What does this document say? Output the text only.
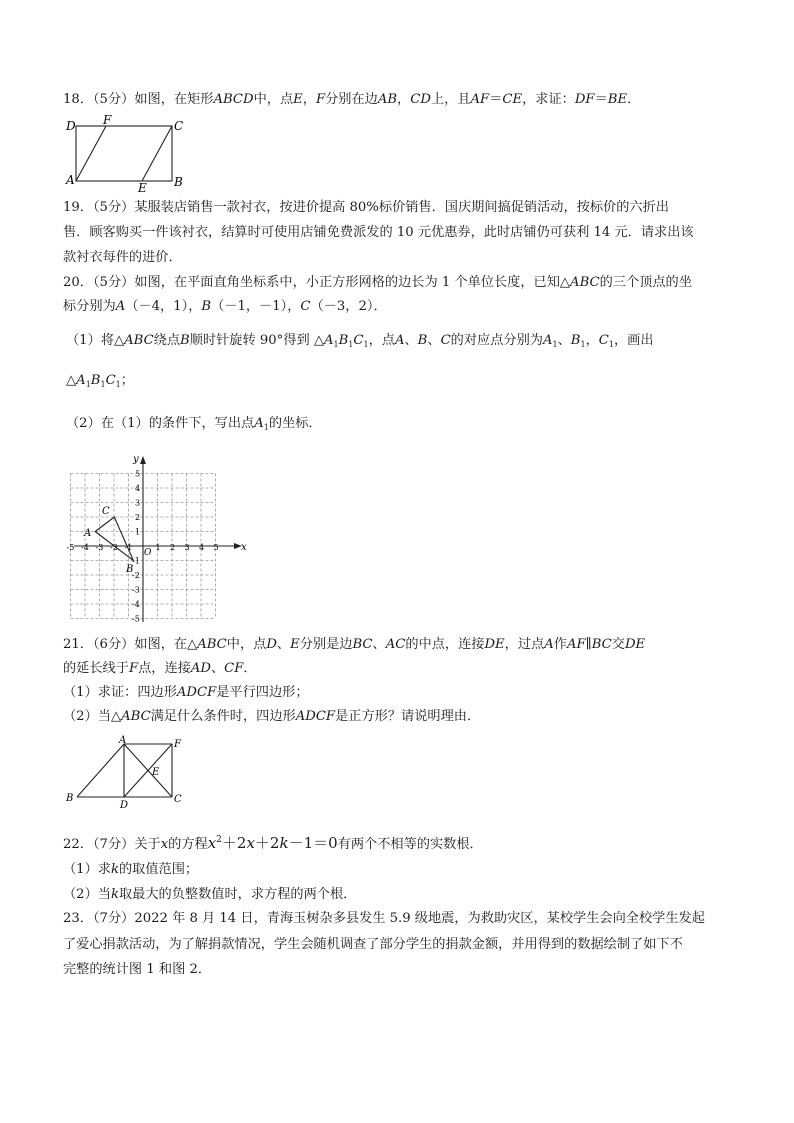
18．（5分）如图，在矩形ABCD中，点E，F分别在边AB，CD上，且AF＝CE，求证：DF＝BE．
D F	C
A
E B
19．（5分）某服装店销售一款衬衣，按进价提高 80%标价销售．国庆期间搞促销活动，按标价的六折出
售．顾客购买一件该衬衣，结算时可使用店铺免费派发的 10 元优惠券，此时店铺仍可获利 14 元．请求出该
款衬衣每件的进价．
20．（5分）如图，在平面直角坐标系中，小正方形网格的边长为 1 个单位长度，已知△ABC的三个顶点的坐
标分别为A（－4，1），B（－1，－1），C（－3，2）．
（1）将△ABC绕点B顺时针旋转 90°得到 $\triangle A_1B_1C_1$，点A、B、C的对应点分别为$A_1$、$B_1$，$C_1$，画出
$\triangle A_1B_1C_1$；
（2）在（1）的条件下，写出点$A_1$的坐标．
x
y
O
-5 -4 -3 -2 -1	1 2 3 4 5
5
4
3
2
1
-1
-2
-3
-4
-5
A
B
C
21．（6分）如图，在△ABC中，点D、E分别是边BC、AC的中点，连接DE，过点A作AF∥BC交DE
的延长线于F点，连接AD、CF．
（1）求证：四边形ADCF是平行四边形；
（2）当△ABC满足什么条件时，四边形ADCF是正方形？请说明理由．
A	F
E
B
D
C
22．（7分）关于x的方程$x^2+2x+2k-1=0$有两个不相等的实数根．
（1）求k的取值范围；
（2）当k取最大的负整数值时，求方程的两个根．
23．（7分）2022 年 8 月 14 日，青海玉树杂多县发生 5.9 级地震，为救助灾区，某校学生会向全校学生发起
了爱心捐款活动，为了解捐款情况，学生会随机调查了部分学生的捐款金额，并用得到的数据绘制了如下不
完整的统计图 1 和图 2．
